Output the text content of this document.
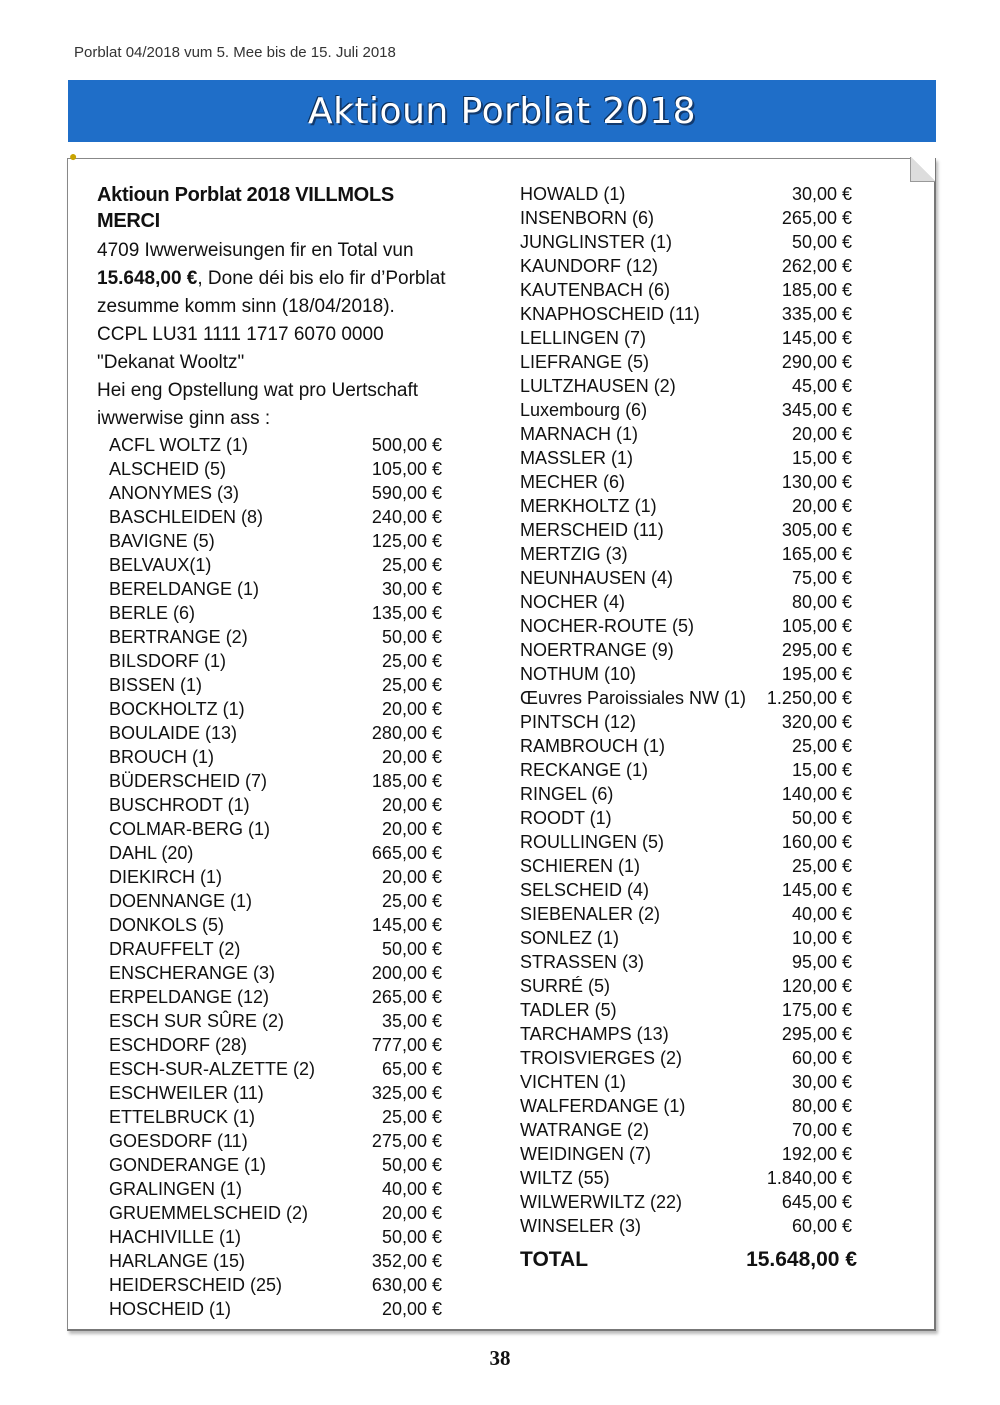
Porblat 04/2018 vum 5. Mee bis de 15. Juli 2018
Aktioun Porblat 2018
●
Aktioun Porblat 2018 VILLMOLS MERCI
4709 Iwwerweisungen fir en Total vun
15.648,00 €, Done déi bis elo fir d’Porblat
zesumme komm sinn (18/04/2018).
CCPL LU31 1111 1717 6070 0000
"Dekanat Wooltz"
Hei eng Opstellung wat pro Uertschaft
iwwerwise ginn ass :
ACFL WOLTZ (1)	500,00 €
ALSCHEID (5)	105,00 €
ANONYMES (3)	590,00 €
BASCHLEIDEN (8)	240,00 €
BAVIGNE (5)	125,00 €
BELVAUX(1)	25,00 €
BERELDANGE (1)	30,00 €
BERLE (6)	135,00 €
BERTRANGE (2)	50,00 €
BILSDORF (1)	25,00 €
BISSEN (1)	25,00 €
BOCKHOLTZ (1)	20,00 €
BOULAIDE (13)	280,00 €
BROUCH (1)	20,00 €
BÜDERSCHEID (7)	185,00 €
BUSCHRODT (1)	20,00 €
COLMAR-BERG (1)	20,00 €
DAHL (20)	665,00 €
DIEKIRCH (1)	20,00 €
DOENNANGE (1)	25,00 €
DONKOLS (5)	145,00 €
DRAUFFELT (2)	50,00 €
ENSCHERANGE (3)	200,00 €
ERPELDANGE (12)	265,00 €
ESCH SUR SÛRE (2)	35,00 €
ESCHDORF (28)	777,00 €
ESCH-SUR-ALZETTE (2)	65,00 €
ESCHWEILER (11)	325,00 €
ETTELBRUCK (1)	25,00 €
GOESDORF (11)	275,00 €
GONDERANGE (1)	50,00 €
GRALINGEN (1)	40,00 €
GRUEMMELSCHEID (2)	20,00 €
HACHIVILLE (1)	50,00 €
HARLANGE (15)	352,00 €
HEIDERSCHEID (25)	630,00 €
HOSCHEID (1)	20,00 €
HOWALD (1)	30,00 €
INSENBORN (6)	265,00 €
JUNGLINSTER (1)	50,00 €
KAUNDORF (12)	262,00 €
KAUTENBACH (6)	185,00 €
KNAPHOSCHEID (11)	335,00 €
LELLINGEN (7)	145,00 €
LIEFRANGE (5)	290,00 €
LULTZHAUSEN (2)	45,00 €
Luxembourg (6)	345,00 €
MARNACH (1)	20,00 €
MASSLER (1)	15,00 €
MECHER (6)	130,00 €
MERKHOLTZ (1)	20,00 €
MERSCHEID (11)	305,00 €
MERTZIG (3)	165,00 €
NEUNHAUSEN (4)	75,00 €
NOCHER (4)	80,00 €
NOCHER-ROUTE (5)	105,00 €
NOERTRANGE (9)	295,00 €
NOTHUM (10)	195,00 €
Œuvres Paroissiales NW (1) 1.250,00 €
PINTSCH (12)	320,00 €
RAMBROUCH (1)	25,00 €
RECKANGE (1)	15,00 €
RINGEL (6)	140,00 €
ROODT (1)	50,00 €
ROULLINGEN (5)	160,00 €
SCHIEREN (1)	25,00 €
SELSCHEID (4)	145,00 €
SIEBENALER (2)	40,00 €
SONLEZ (1)	10,00 €
STRASSEN (3)	95,00 €
SURRÉ (5)	120,00 €
TADLER (5)	175,00 €
TARCHAMPS (13)	295,00 €
TROISVIERGES (2)	60,00 €
VICHTEN (1)	30,00 €
WALFERDANGE (1)	80,00 €
WATRANGE (2)	70,00 €
WEIDINGEN (7)	192,00 €
WILTZ (55)	1.840,00 €
WILWERWILTZ (22)	645,00 €
WINSELER (3)	60,00 €
TOTAL	15.648,00 €
38
